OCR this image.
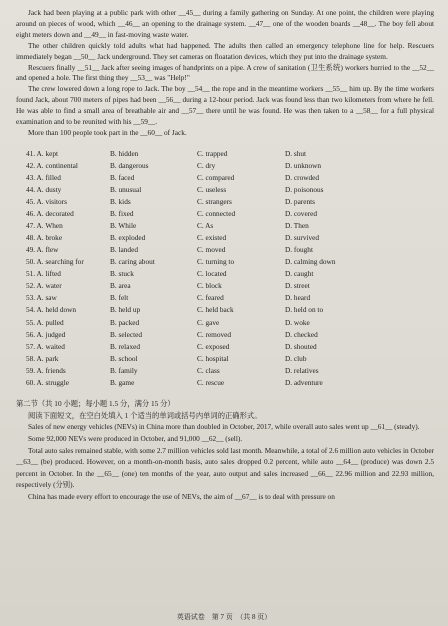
Jack had been playing at a public park with other __45__ during a family gathering on Sunday. At one point, the children were playing around on pieces of wood, which __46__ an opening to the drainage system. __47__ one of the wooden boards __48__. The boy fell about eight meters down and __49__ in fast-moving waste water.

The other children quickly told adults what had happened. The adults then called an emergency telephone line for help. Rescuers immediately began __50__ Jack underground. They set cameras on floatation devices, which they put into the drainage system.

Rescuers finally __51__ Jack after seeing images of handprints on a pipe. A crew of sanitation (卫生系统) workers hurried to the __52__ and opened a hole. The first thing they __53__ was "Help!"

The crew lowered down a long rope to Jack. The boy __54__ the rope and in the meantime workers __55__ him up. By the time workers found Jack, about 700 meters of pipes had been __56__ during a 12-hour period. Jack was found less than two kilometers from where he fell. He was able to find a small area of breathable air and __57__ there until he was found. He was then taken to a __58__ for a full physical examination and to be reunited with his __59__.

More than 100 people took part in the __60__ of Jack.

41. A. kept	B. hidden	C. trapped	D. shut
42. A. continental	B. dangerous	C. dry	D. unknown
43. A. filled	B. faced	C. compared	D. crowded
44. A. dusty	B. unusual	C. useless	D. poisonous
45. A. visitors	B. kids	C. strangers	D. parents
46. A. decorated	B. fixed	C. connected	D. covered
47. A. When	B. While	C. As	D. Then
48. A. broke	B. exploded	C. existed	D. survived
49. A. flew	B. landed	C. moved	D. fought
50. A. searching for	B. caring about	C. turning to	D. calming down
51. A. lifted	B. stuck	C. located	D. caught
52. A. water	B. area	C. block	D. street
53. A. saw	B. felt	C. feared	D. heard
54. A. held down	B. held up	C. held back	D. held on to
55. A. pulled	B. packed	C. gave	D. woke
56. A. judged	B. selected	C. removed	D. checked
57. A. waited	B. relaxed	C. exposed	D. shouted
58. A. park	B. school	C. hospital	D. club
59. A. friends	B. family	C. class	D. relatives
60. A. struggle	B. game	C. rescue	D. adventure

第二节（共 10 小题；每小题 1.5 分，满分 15 分）

阅读下面短文，在空白处填入 1 个适当的单词或括号内单词的正确形式。

Sales of new energy vehicles (NEVs) in China more than doubled in October, 2017, while overall auto sales went up __61__ (steady).

Some 92,000 NEVs were produced in October, and 91,000 __62__ (sell).

Total auto sales remained stable, with some 2.7 million vehicles sold last month. Meanwhile, a total of 2.6 million auto vehicles in October __63__ (be) produced. However, on a month-on-month basis, auto sales dropped 0.2 percent, while auto __64__ (produce) was down 2.5 percent in October. In the __65__ (one) ten months of the year, auto output and sales increased __66__ 22.96 million and 22.93 million, respectively (分别).

China has made every effort to encourage the use of NEVs, the aim of __67__ is to deal with pressure on

英语试卷　第 7 页　（共 8 页）
